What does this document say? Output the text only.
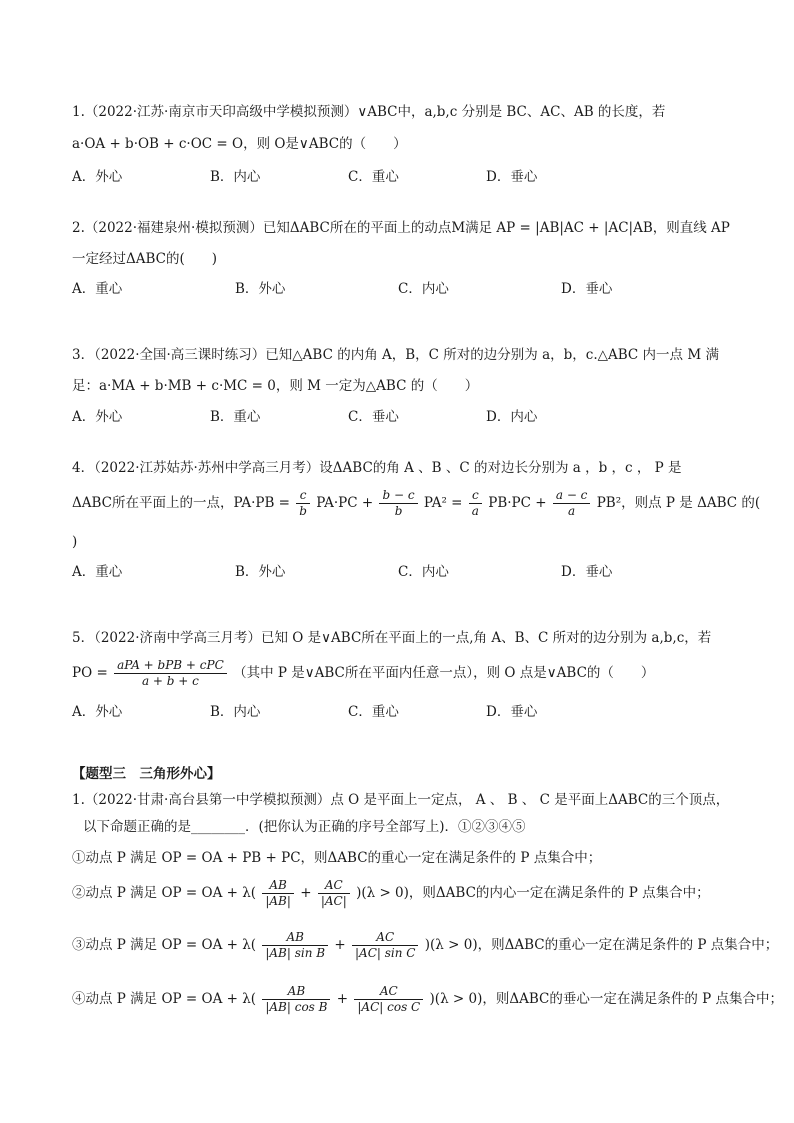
1.（2022·江苏·南京市天印高级中学模拟预测）∨ABC中，a,b,c 分别是 BC、AC、AB 的长度，若
a·OA + b·OB + c·OC = O，则 O是∨ABC的（　　）
A．外心	B．内心	C．重心	D．垂心
2.（2022·福建泉州·模拟预测）已知ΔABC所在的平面上的动点M满足 AP = |AB|AC + |AC|AB，则直线 AP
一定经过ΔABC的(　　)
A．重心	B．外心	C．内心	D．垂心
3．（2022·全国·高三课时练习）已知△ABC 的内角 A，B，C 所对的边分别为 a，b，c.△ABC 内一点 M 满
足：a·MA + b·MB + c·MC = 0，则 M 一定为△ABC 的（　　）
A．外心	B．重心	C．垂心	D．内心
4．（2022·江苏姑苏·苏州中学高三月考）设ΔABC的角 A 、B 、C 的对边长分别为 a ，b ，c ， P 是
ΔABC所在平面上的一点，$PA\cdot PB = \frac{c}{b} PA\cdot PC + \frac{b - c}{b} PA^2 = \frac{c}{a} PB\cdot PC + \frac{a - c}{a} PB^2$，则点 P 是 ΔABC 的(
)
A．重心	B．外心	C．内心	D．垂心
5．（2022·济南中学高三月考）已知 O 是∨ABC所在平面上的一点,角 A、B、C 所对的边分别为 a,b,c，若
PO = $\frac{\text{aPA + bPB + cPC}}{a + b + c}$ （其中 P 是∨ABC所在平面内任意一点），则 O 点是∨ABC的（　　）
A．外心	B．内心	C．重心	D．垂心
【题型三　三角形外心】
1.（2022·甘肃·高台县第一中学模拟预测）点 O 是平面上一定点， A 、 B 、 C 是平面上ΔABC的三个顶点，
以下命题正确的是________．(把你认为正确的序号全部写上)．①②③④⑤
①动点 P 满足 OP = OA + PB + PC，则ΔABC的重心一定在满足条件的 P 点集合中；
②动点 P 满足 OP = OA + $\lambda( \frac{AB}{|AB|} + \frac{AC}{|AC|} )(\lambda > 0)$，则ΔABC的内心一定在满足条件的 P 点集合中；
③动点 P 满足 OP = OA + $\lambda( \frac{AB}{\text{|AB| sin B}} + \frac{AC}{\text{|AC| sin C}} )(\lambda > 0)$，则ΔABC的重心一定在满足条件的 P 点集合中；
④动点 P 满足 OP = OA + $\lambda( \frac{AB}{\text{|AB| cos B}} + \frac{AC}{\text{|AC| cos C}} )(\lambda > 0)$，则ΔABC的垂心一定在满足条件的 P 点集合中；
